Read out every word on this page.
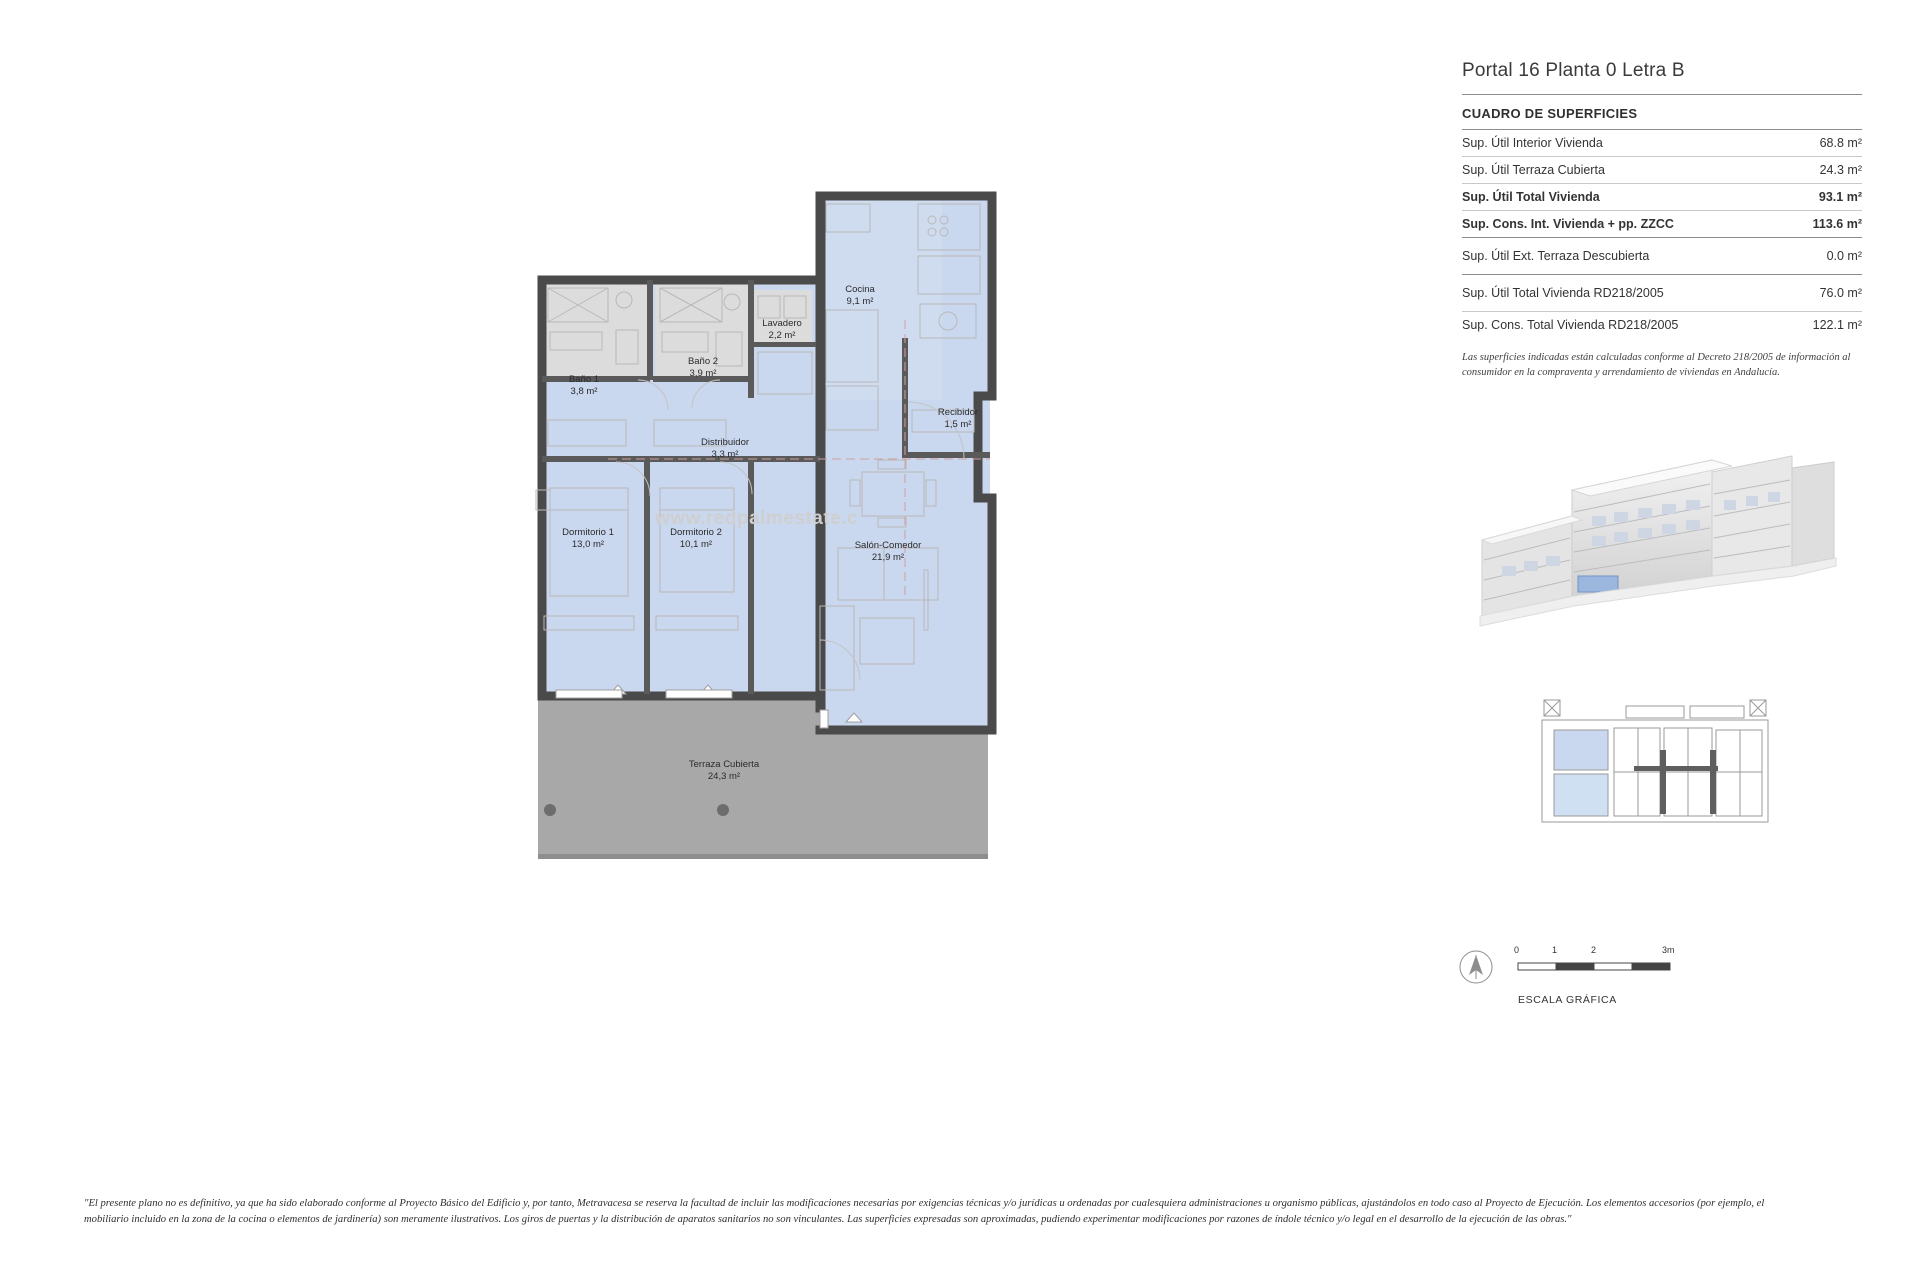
Cocina
9,1 m²
Lavadero
2,2 m²
Baño 2
3,9 m²
Baño 1
3,8 m²
Recibidor
1,5 m²
Distribuidor
3,3 m²
Dormitorio 1
13,0 m²
Dormitorio 2
10,1 m²	Salón-Comedor
21,9 m²
Terraza Cubierta
24,3 m²
www.redpalmestate.c
Portal 16 Planta 0 Letra B
CUADRO DE SUPERFICIES
Sup. Útil Interior Vivienda	68.8 m²
Sup. Útil Terraza Cubierta	24.3 m²
Sup. Útil Total Vivienda	93.1 m²
Sup. Cons. Int. Vivienda + pp. ZZCC	113.6 m²
Sup. Útil Ext. Terraza Descubierta	0.0 m²
Sup. Útil Total Vivienda RD218/2005	76.0 m²
Sup. Cons. Total Vivienda RD218/2005	122.1 m²
Las superficies indicadas están calculadas conforme al Decreto 218/2005 de información al consumidor en la compraventa y arrendamiento de viviendas en Andalucía.
0	1	2	3m
ESCALA GRÁFICA
"El presente plano no es definitivo, ya que ha sido elaborado conforme al Proyecto Básico del Edificio y, por tanto, Metravacesa se reserva la facultad de incluir las modificaciones necesarias por exigencias técnicas y/o jurídicas u ordenadas por cualesquiera administraciones u organismo públicas, ajustándolos en todo caso al Proyecto de Ejecución. Los elementos accesorios (por ejemplo, el mobiliario incluido en la zona de la cocina o elementos de jardinería) son meramente ilustrativos. Los giros de puertas y la distribución de aparatos sanitarios no son vinculantes. Las superficies expresadas son aproximadas, pudiendo experimentar modificaciones por razones de índole técnico y/o legal en el desarrollo de la ejecución de las obras."
